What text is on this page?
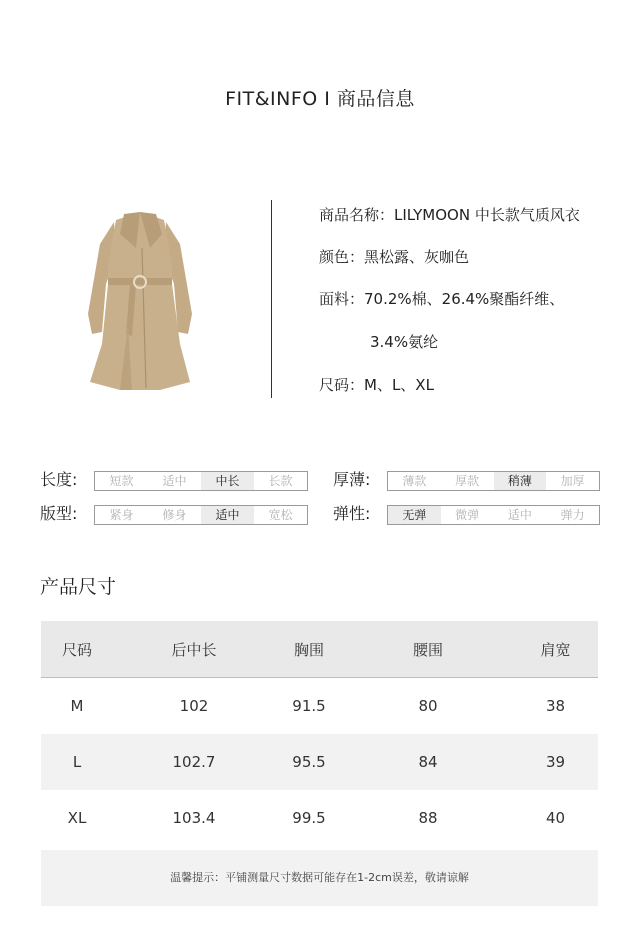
FIT&INFO I 商品信息
商品名称：LILYMOON 中长款气质风衣
颜色：黑松露、灰咖色
面料：70.2%棉、26.4%聚酯纤维、
3.4%氨纶
尺码：M、L、XL
长度:	短款	适中	中长	长款	厚薄:	薄款	厚款	稍薄	加厚
版型:	紧身	修身	适中	宽松	弹性:	无弹	微弹	适中	弹力
产品尺寸
尺码	后中长	胸围	腰围	肩宽
M	102	91.5	80	38
L	102.7	95.5	84	39
XL	103.4	99.5	88	40
温馨提示：平铺测量尺寸数据可能存在1-2cm误差，敬请谅解
